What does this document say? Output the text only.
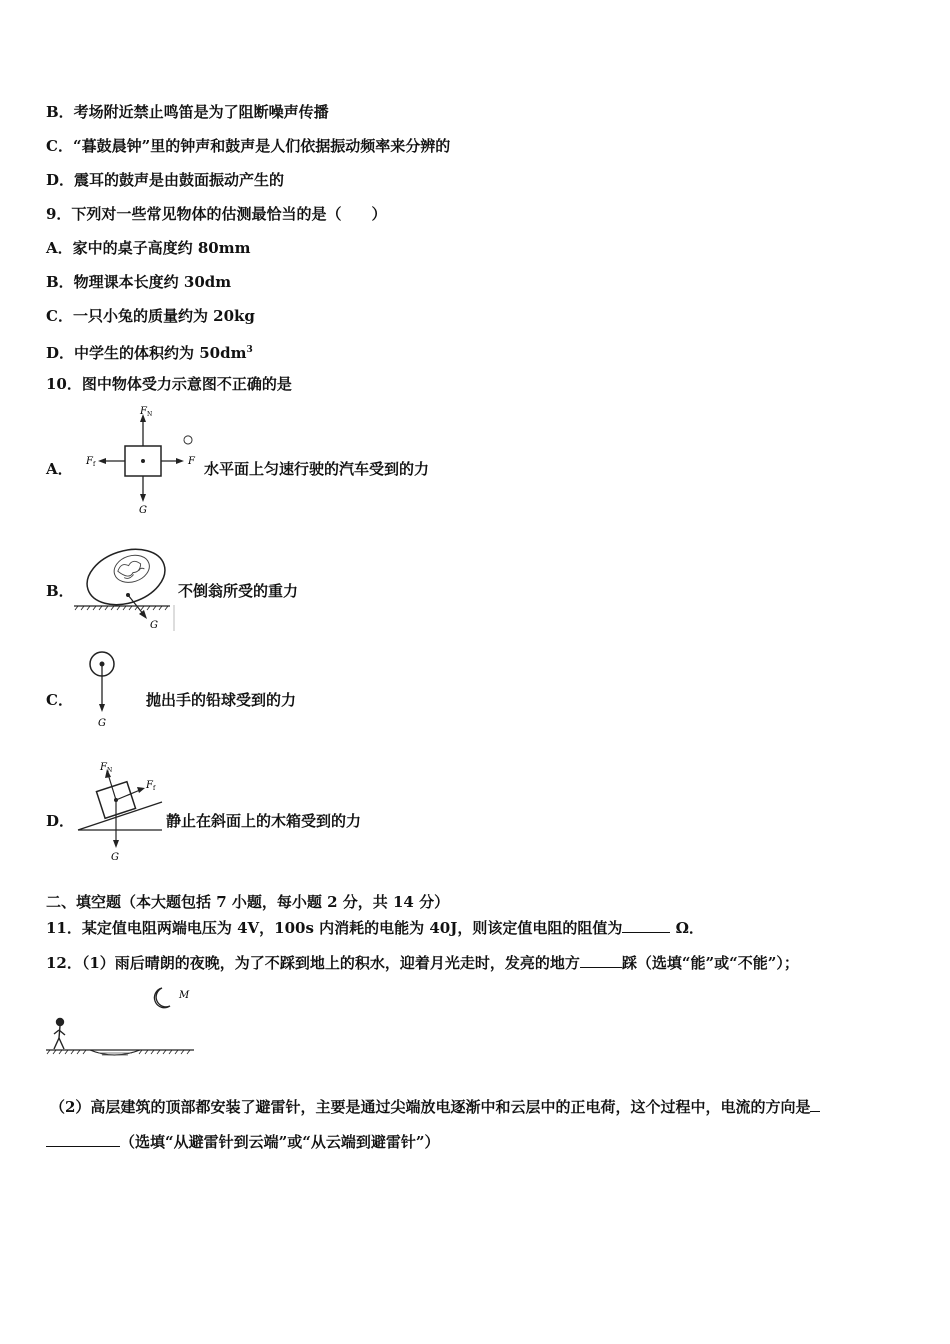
B．考场附近禁止鸣笛是为了阻断噪声传播
C．“暮鼓晨钟”里的钟声和鼓声是人们依据振动频率来分辨的
D．震耳的鼓声是由鼓面振动产生的
9．下列对一些常见物体的估测最恰当的是（　　）
A．家中的桌子高度约 80mm
B．物理课本长度约 30dm
C．一只小兔的质量约为 20kg
D．中学生的体积约为 $50dm^3$
10．图中物体受力示意图不正确的是
A．
F N
G
F f	F 水平面上匀速行驶的汽车受到的力
B．
G
不倒翁所受的重力
C．
G
抛出手的铅球受到的力
D．
F N
F f
G
静止在斜面上的木箱受到的力
二、填空题（本大题包括 7 小题，每小题 2 分，共 14 分）
11．某定值电阻两端电压为 4V，100s 内消耗的电能为 40J，则该定值电阻的阻值为	Ω．
12．（1）雨后晴朗的夜晚，为了不踩到地上的积水，迎着月光走时，发亮的地方	踩（选填“能”或“不能”）；
M
（2）高层建筑的顶部都安装了避雷针，主要是通过尖端放电逐渐中和云层中的正电荷，这个过程中，电流的方向是
（选填“从避雷针到云端”或“从云端到避雷针”）
